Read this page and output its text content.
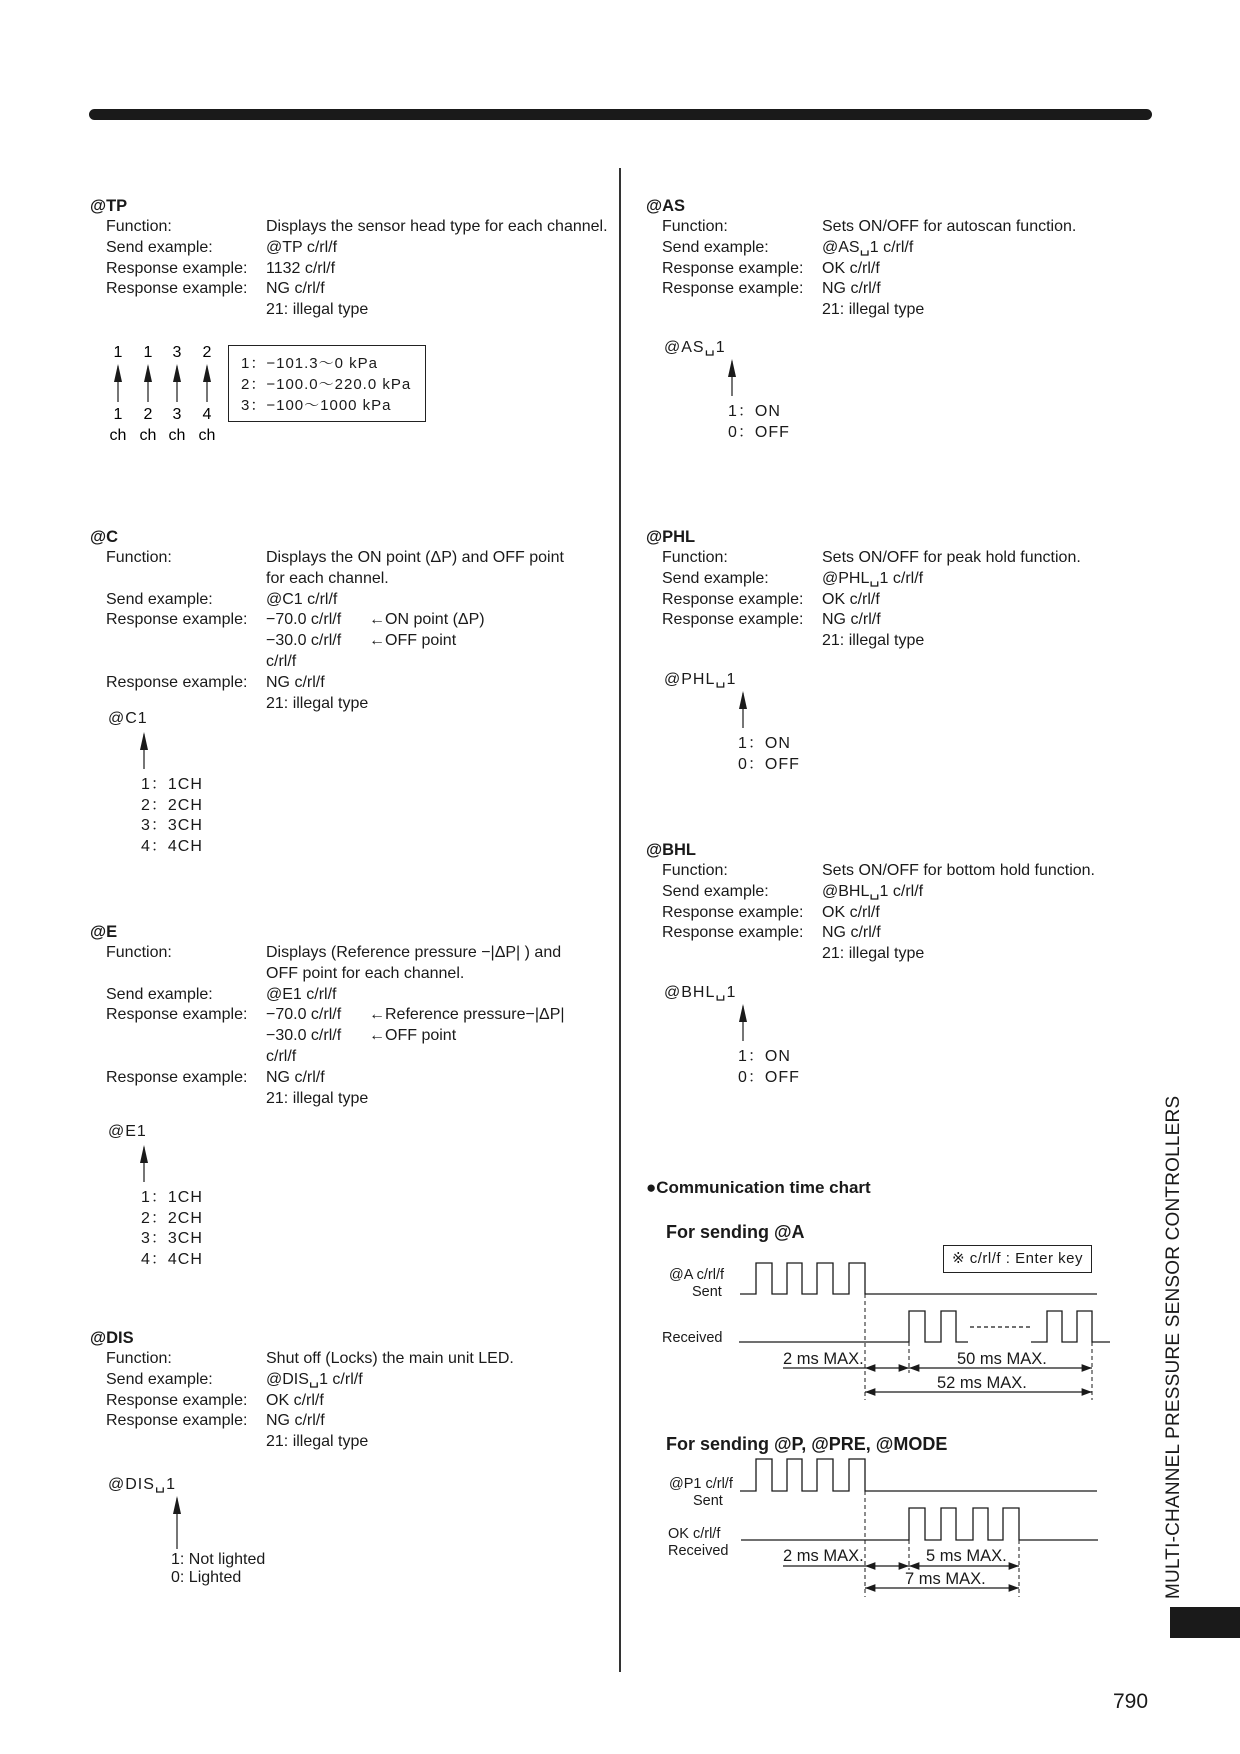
@TP
Function:	Displays the sensor head type for each channel.
Send example:	@TP c/rl/f
Response example:	1132 c/rl/f
Response example:	NG c/rl/f
21: illegal type
@C
Function:	Displays the ON point (ΔP) and OFF point
for each channel.
Send example:	@C1 c/rl/f
Response example:	−70.0 c/rl/f ←ON point (ΔP)
−30.0 c/rl/f ←OFF point
c/rl/f
Response example:	NG c/rl/f
21: illegal type
@E
Function:	Displays (Reference pressure −|ΔP| ) and
OFF point for each channel.
Send example:	@E1 c/rl/f
Response example:	−70.0 c/rl/f ←Reference pressure−|ΔP|
−30.0 c/rl/f ←OFF point
c/rl/f
Response example:	NG c/rl/f
21: illegal type
@DIS
Function:	Shut off (Locks) the main unit LED.
Send example:	@DIS␣1 c/rl/f
Response example:	OK c/rl/f
Response example:	NG c/rl/f
21: illegal type
@AS
Function:	Sets ON/OFF for autoscan function.
Send example:	@AS␣1 c/rl/f
Response example:	OK c/rl/f
Response example:	NG c/rl/f
21: illegal type
@PHL
Function:	Sets ON/OFF for peak hold function.
Send example:	@PHL␣1 c/rl/f
Response example:	OK c/rl/f
Response example:	NG c/rl/f
21: illegal type
@BHL
Function:	Sets ON/OFF for bottom hold function.
Send example:	@BHL␣1 c/rl/f
Response example:	OK c/rl/f
Response example:	NG c/rl/f
21: illegal type
1
1
ch
1
2
ch
3
3
ch
2
4
ch
1：−101.3～0 kPa
2：−100.0～220.0 kPa
3：−100～1000 kPa
@C1
1：1CH
2：2CH
3：3CH
4：4CH
@E1
1：1CH
2：2CH
3：3CH
4：4CH
@DIS␣1
1: Not lighted
0: Lighted
@AS␣1
1：ON
0：OFF
@PHL␣1
1：ON
0：OFF
@BHL␣1
1：ON
0：OFF
●Communication time chart
For sending @A
For sending @P, @PRE, @MODE
※ c/rl/f : Enter key
@A c/rl/f
Sent
Received
2 ms MAX.	50 ms MAX.
52 ms MAX.
@P1 c/rl/f
Sent
OK c/rl/f
Received	2 ms MAX.	5 ms MAX.
7 ms MAX.	MULTI-CHANNEL PRESSURE SENSOR CONTROLLERS
790
